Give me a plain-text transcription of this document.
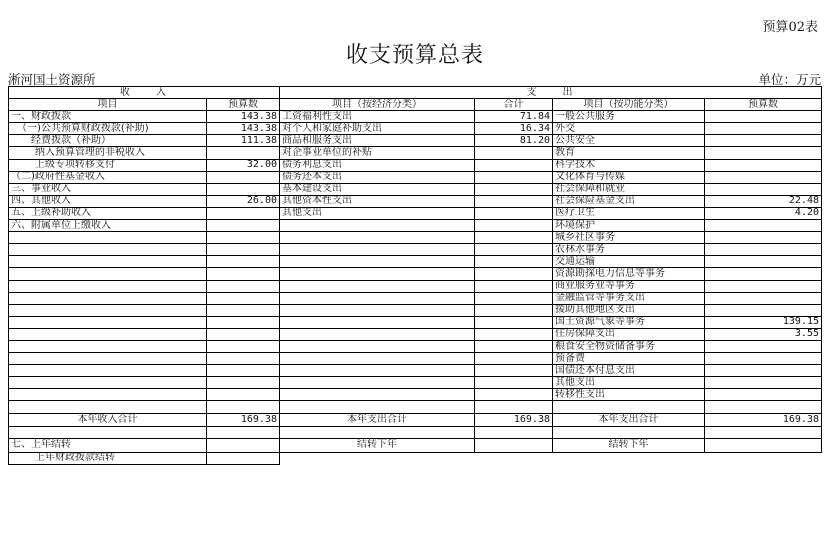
预算02表
收支预算总表
淅河国土资源所	单位：万元
收　　入		支　　出			
项目	预算数	项目（按经济分类）	合计	项目（按功能分类）	预算数
一、财政拨款	143.38	工资福利性支出	71.84	一般公共服务	
（一)公共预算财政拨款(补助)	143.38	对个人和家庭补助支出	16.34	外交	
经费拨款（补助）	111.38	商品和服务支出	81.20	公共安全	
纳入预算管理的非税收入		对企事业单位的补贴		教育	
上级专项转移支付	32.00	债务利息支出		科学技术	
（二)政府性基金收入		债务还本支出		文化体育与传媒	
三、事业收入		基本建设支出		社会保障和就业	
四、其他收入	26.00	其他资本性支出		社会保险基金支出	22.48
五、上级补助收入		其他支出		医疗卫生	4.20
六、附属单位上缴收入				环境保护	
				城乡社区事务	
				农林水事务	
				交通运输	
				资源勘探电力信息等事务	
				商业服务业等事务	
				金融监管等事务支出	
				援助其他地区支出	
				国土资源气象等事务	139.15
				住房保障支出	3.55
				粮食安全物资储备事务	
				预备费	
				国债还本付息支出	
				其他支出	
				转移性支出	

本年收入合计	169.38	本年支出合计	169.38	本年支出合计	169.38

七、上年结转		结转下年		结转下年	
上年财政拨款结转					
